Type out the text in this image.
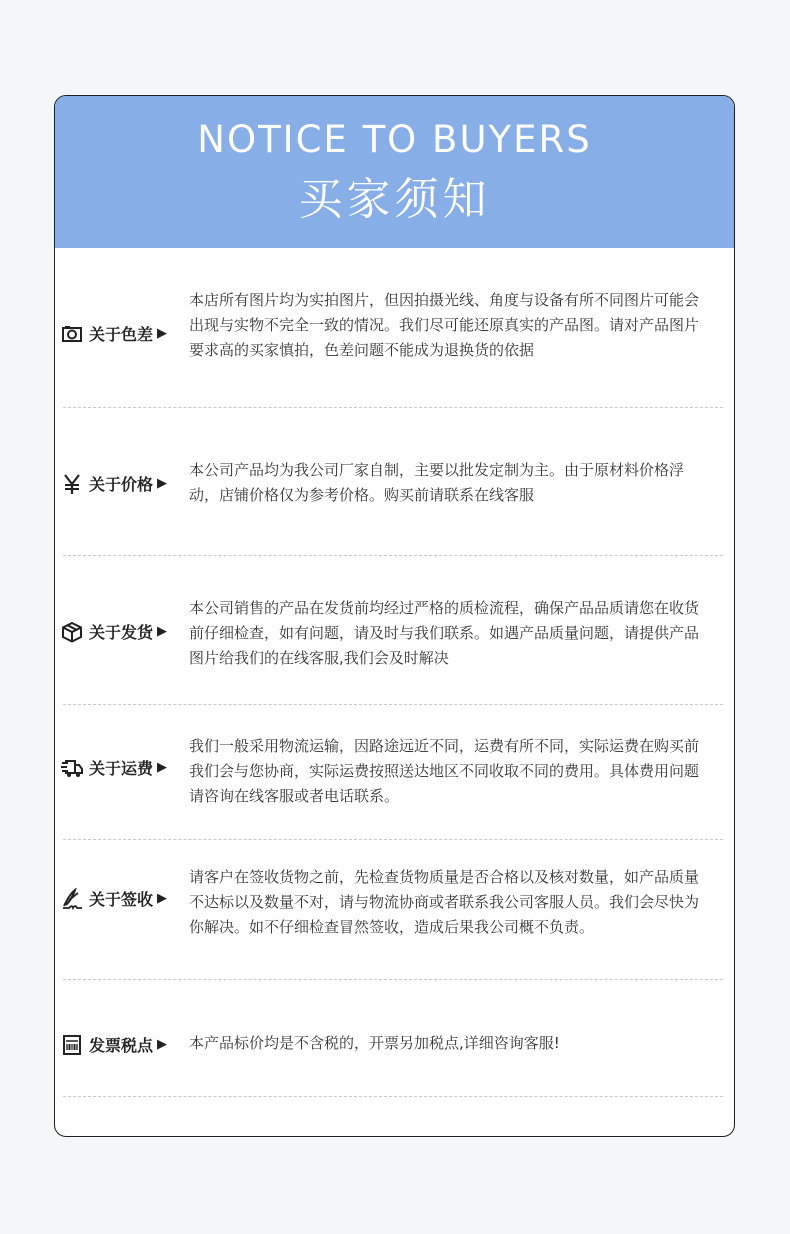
NOTICE TO BUYERS
买家须知
关于色差 ▶
本店所有图片均为实拍图片，但因拍摄光线、角度与设备有所不同图片可能会出现与实物不完全一致的情况。我们尽可能还原真实的产品图。请对产品图片要求高的买家慎拍，色差问题不能成为退换货的依据
关于价格 ▶
本公司产品均为我公司厂家自制，主要以批发定制为主。由于原材料价格浮动，店铺价格仅为参考价格。购买前请联系在线客服
关于发货 ▶
本公司销售的产品在发货前均经过严格的质检流程，确保产品品质请您在收货前仔细检查，如有问题，请及时与我们联系。如遇产品质量问题，请提供产品图片给我们的在线客服,我们会及时解决
关于运费 ▶
我们一般采用物流运输，因路途远近不同，运费有所不同，实际运费在购买前我们会与您协商，实际运费按照送达地区不同收取不同的费用。具体费用问题请咨询在线客服或者电话联系。
关于签收 ▶
请客户在签收货物之前，先检查货物质量是否合格以及核对数量，如产品质量不达标以及数量不对，请与物流协商或者联系我公司客服人员。我们会尽快为你解决。如不仔细检查冒然签收，造成后果我公司概不负责。
发票税点 ▶ 本产品标价均是不含税的，开票另加税点,详细咨询客服!
